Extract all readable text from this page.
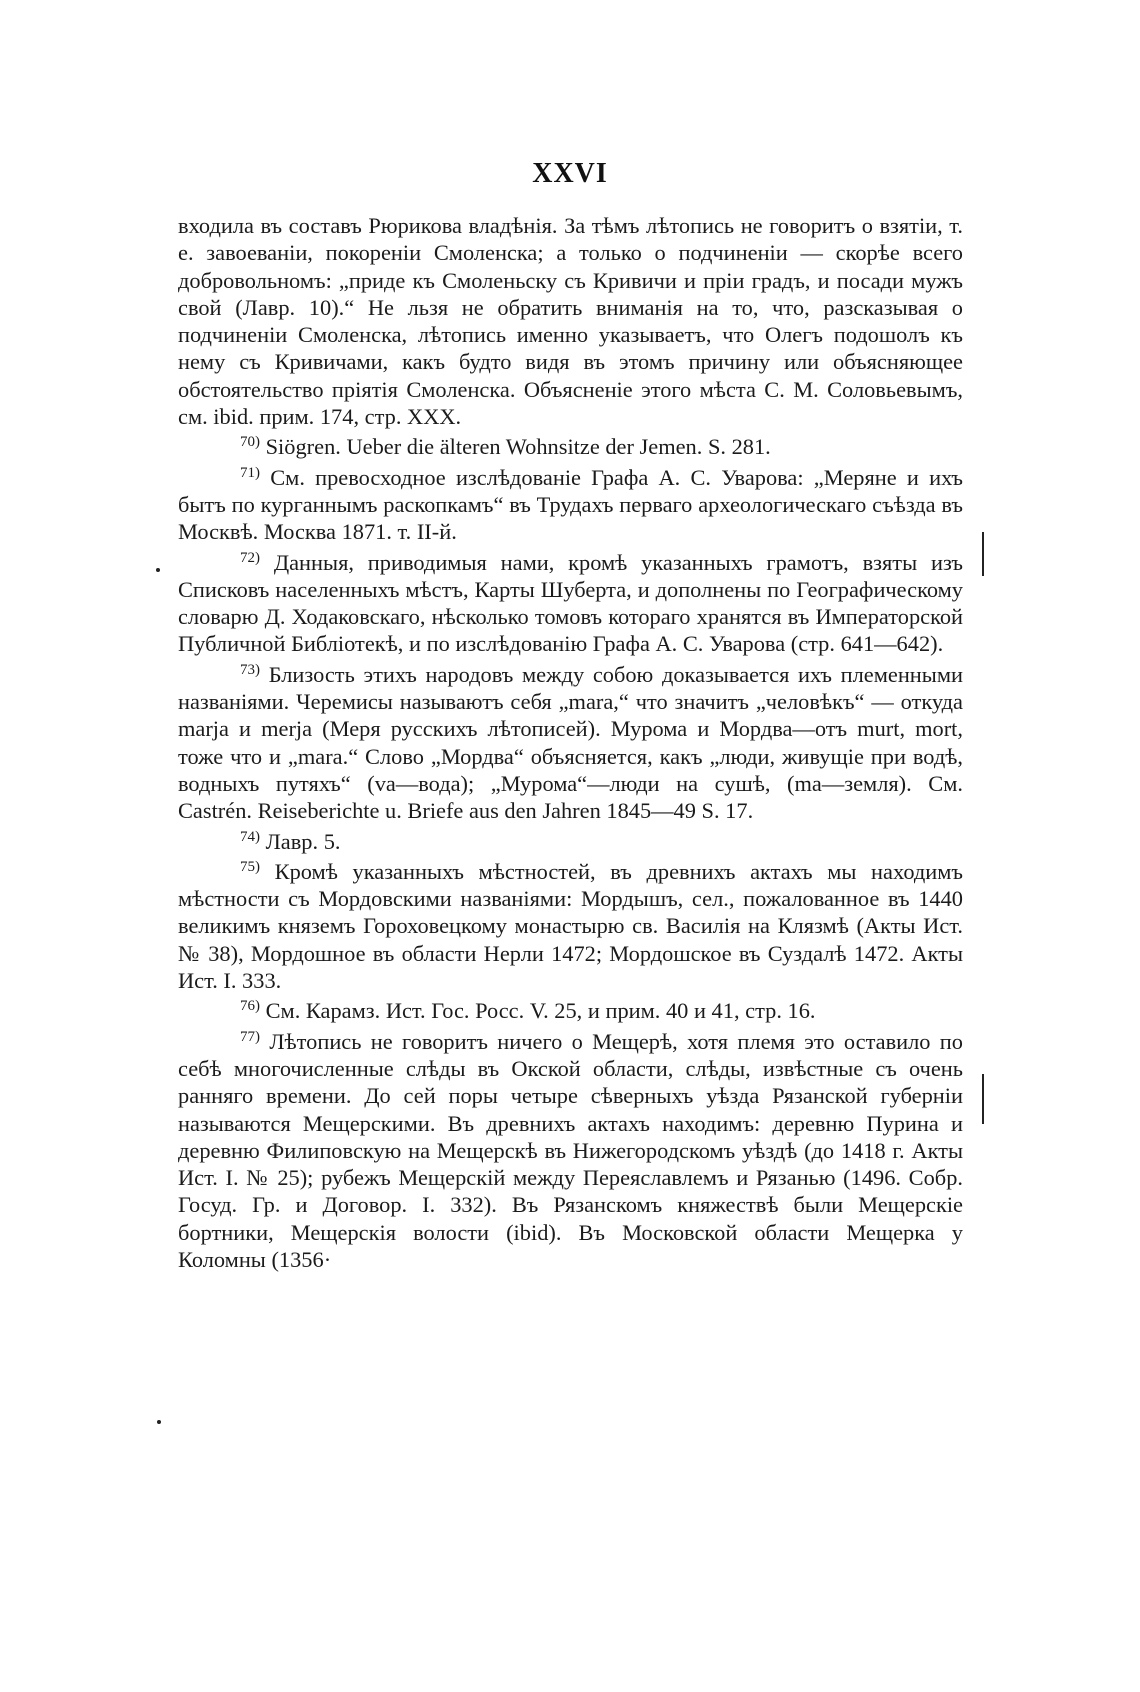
XXVI

входила въ составъ Рюрикова владѣнія. За тѣмъ лѣтопись не говоритъ о взятіи, т. е. завоеваніи, покореніи Смоленска; а только о подчиненіи — скорѣе всего добровольномъ: „приде къ Смоленьску съ Кривичи и пріи градъ, и посади мужъ свой (Лавр. 10).“ Не льзя не обратить вниманія на то, что, разсказывая о подчиненіи Смоленска, лѣтопись именно указываетъ, что Олегъ подошолъ къ нему съ Кривичами, какъ будто видя въ этомъ причину или объясняющее обстоятельство прiятія Смоленска. Объясненіе этого мѣста С. М. Соловьевымъ, см. ibid. прим. 174, стр. XXX.

$^{70)}$ Siögren. Ueber die älteren Wohnsitze der Jemen. S. 281.

$^{71)}$ См. превосходное изслѣдованіе Графа А. С. Уварова: „Меряне и ихъ бытъ по курганнымъ раскопкамъ“ въ Трудахъ перваго археологическаго съѣзда въ Москвѣ. Москва 1871. т. II-й.

$^{72)}$ Данныя, приводимыя нами, кромѣ указанныхъ грамотъ, взяты изъ Списковъ населенныхъ мѣстъ, Карты Шуберта, и дополнены по Географическому словарю Д. Ходаковскаго, нѣсколько томовъ котораго хранятся въ Императорской Публичной Библіотекѣ, и по изслѣдованію Графа А. С. Уварова (стр. 641—642).

$^{73)}$ Близость этихъ народовъ между собою доказывается ихъ племенными названіями. Черемисы называютъ себя „mara,“ что значитъ „человѣкъ“ — откуда marja и merja (Меря русскихъ лѣтописей). Мурома и Мордва—отъ murt, mort, тоже что и „mara.“ Слово „Мордва“ объясняется, какъ „люди, живущіе при водѣ, водныхъ путяхъ“ (va—вода); „Мурома“—люди на сушѣ, (ma—земля). См. Castrén. Reiseberichte u. Briefe aus den Jahren 1845—49 S. 17.

$^{74)}$ Лавр. 5.

$^{75)}$ Кромѣ указанныхъ мѣстностей, въ древнихъ актахъ мы находимъ мѣстности съ Мордовскими названіями: Мордышъ, сел., пожалованное въ 1440 великимъ княземъ Гороховецкому монастырю св. Василія на Клязмѣ (Акты Ист. № 38), Мордошное въ области Нерли 1472; Мордошское въ Суздалѣ 1472. Акты Ист. I. 333.

$^{76)}$ См. Карамз. Ист. Гос. Росс. V. 25, и прим. 40 и 41, стр. 16.

$^{77)}$ Лѣтопись не говоритъ ничего о Мещерѣ, хотя племя это оставило по себѣ многочисленные слѣды въ Окской области, слѣды, извѣстные съ очень ранняго времени. До сей поры четыре сѣверныхъ уѣзда Рязанской губерніи называются Мещерскими. Въ древнихъ актахъ находимъ: деревню Пурина и деревню Филиповскую на Мещерскѣ въ Нижегородскомъ уѣздѣ (до 1418 г. Акты Ист. I. № 25); рубежъ Мещерскій между Переяславлемъ и Рязанью (1496. Собр. Госуд. Гр. и Договор. I. 332). Въ Рязанскомъ княжествѣ были Мещерскіе бортники, Мещерскія волости (ibid). Въ Московской области Мещерка у Коломны (1356·
